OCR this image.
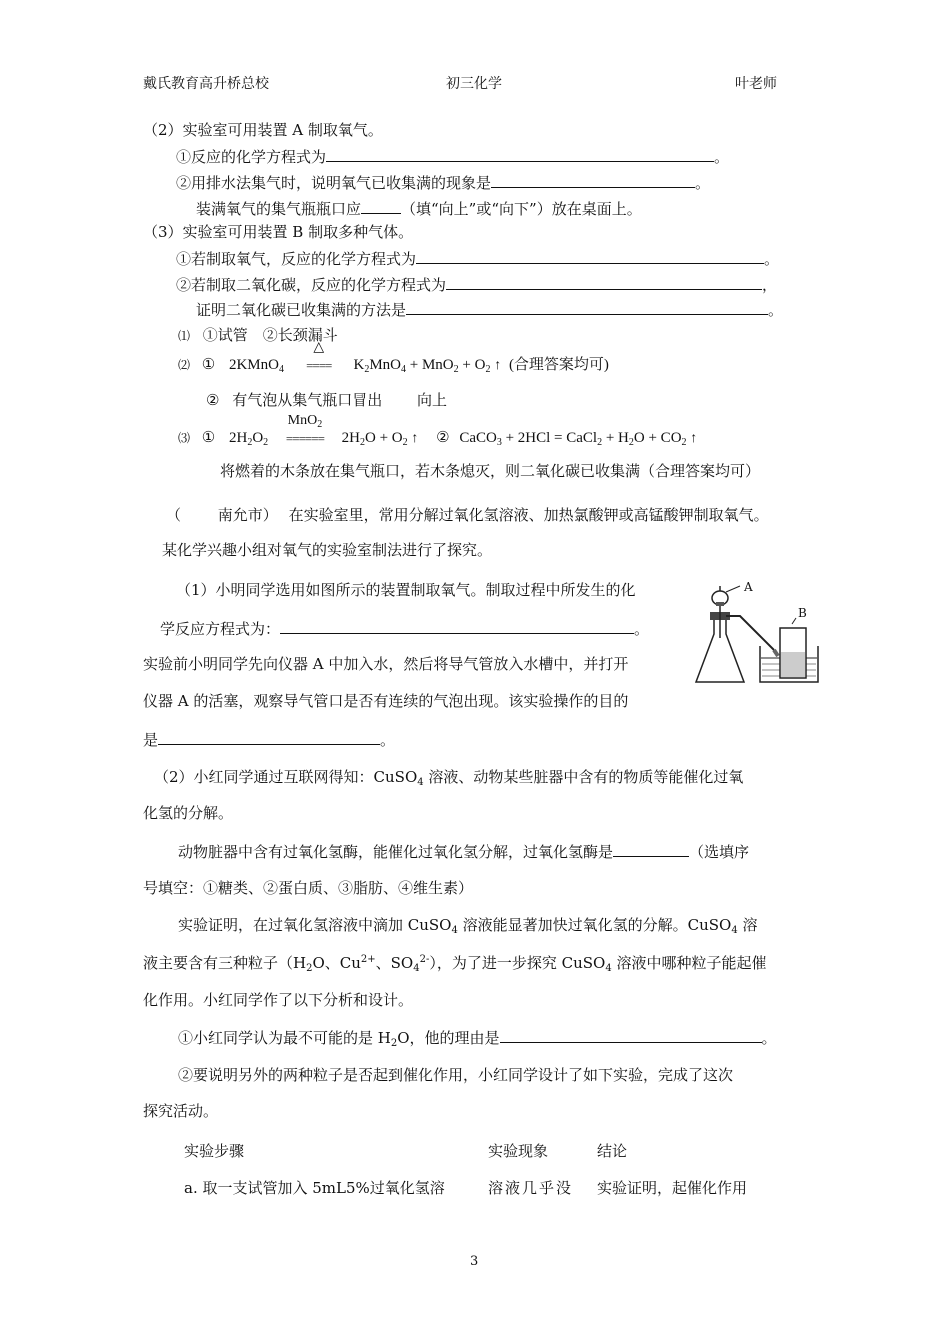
戴氏教育高升桥总校	初三化学	叶老师
（2）实验室可用装置 A 制取氧气。
①反应的化学方程式为	。
②用排水法集气时，说明氧气已收集满的现象是	。
装满氧气的集气瓶瓶口应	（填“向上”或“向下”）放在桌面上。
（3）实验室可用装置 B 制取多种气体。
①若制取氧气，反应的化学方程式为	。
②若制取二氧化碳，反应的化学方程式为	，
证明二氧化碳已收集满的方法是	。
⑴ ①试管　②长颈漏斗
⑵ ① 2KMnO$_4$
△
==== $K_2MnO_4 + MnO_2 + O_2$ ↑ (合理答案均可)
② 有气泡从集气瓶口冒出 向上
⑶ ① $2H_2O_2$
MnO$_2$
====== $2H_2O + O_2$ ↑ ② CaCO$_3$ + 2HCl = CaCl$_2$ + $H_2O + CO_2$ ↑
将燃着的木条放在集气瓶口，若木条熄灭，则二氧化碳已收集满（合理答案均可）
（ 南允市） 在实验室里，常用分解过氧化氢溶液、加热氯酸钾或高锰酸钾制取氧气。
某化学兴趣小组对氧气的实验室制法进行了探究。
（1）小明同学选用如图所示的装置制取氧气。制取过程中所发生的化
学反应方程式为：	。
实验前小明同学先向仪器 A 中加入水，然后将导气管放入水槽中，并打开
仪器 A 的活塞，观察导气管口是否有连续的气泡出现。该实验操作的目的
是	。
A
B
（2）小红同学通过互联网得知：CuSO$_4$ 溶液、动物某些脏器中含有的物质等能催化过氧
化氢的分解。
动物脏器中含有过氧化氢酶，能催化过氧化氢分解，过氧化氢酶是	（选填序
号填空：①糖类、②蛋白质、③脂肪、④维生素）
实验证明，在过氧化氢溶液中滴加 CuSO$_4$ 溶液能显著加快过氧化氢的分解。CuSO$_4$ 溶
液主要含有三种粒子（$H_2O$、$Cu^{2+}$、$SO_4^{2-}$），为了进一步探究 CuSO$_4$ 溶液中哪种粒子能起催
化作用。小红同学作了以下分析和设计。
①小红同学认为最不可能的是 $H_2O$，他的理由是	。
②要说明另外的两种粒子是否起到催化作用，小红同学设计了如下实验，完成了这次
探究活动。
实验步骤	实验现象	结论
a. 取一支试管加入 5mL5%过氧化氢溶	溶液几乎没 实验证明，起催化作用
3
